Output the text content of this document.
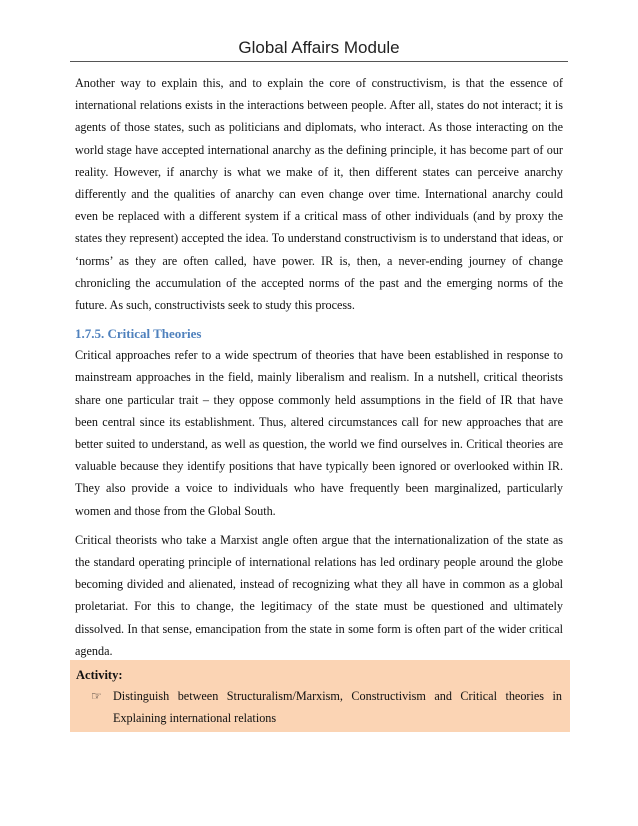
Global Affairs Module

Another way to explain this, and to explain the core of constructivism, is that the essence of international relations exists in the interactions between people. After all, states do not interact; it is agents of those states, such as politicians and diplomats, who interact. As those interacting on the world stage have accepted international anarchy as the defining principle, it has become part of our reality. However, if anarchy is what we make of it, then different states can perceive anarchy differently and the qualities of anarchy can even change over time. International anarchy could even be replaced with a different system if a critical mass of other individuals (and by proxy the states they represent) accepted the idea. To understand constructivism is to understand that ideas, or ‘norms’ as they are often called, have power. IR is, then, a never-ending journey of change chronicling the accumulation of the accepted norms of the past and the emerging norms of the future. As such, constructivists seek to study this process.

1.7.5. Critical Theories

Critical approaches refer to a wide spectrum of theories that have been established in response to mainstream approaches in the field, mainly liberalism and realism. In a nutshell, critical theorists share one particular trait – they oppose commonly held assumptions in the field of IR that have been central since its establishment. Thus, altered circumstances call for new approaches that are better suited to understand, as well as question, the world we find ourselves in. Critical theories are valuable because they identify positions that have typically been ignored or overlooked within IR. They also provide a voice to individuals who have frequently been marginalized, particularly women and those from the Global South.

Critical theorists who take a Marxist angle often argue that the internationalization of the state as the standard operating principle of international relations has led ordinary people around the globe becoming divided and alienated, instead of recognizing what they all have in common as a global proletariat. For this to change, the legitimacy of the state must be questioned and ultimately dissolved. In that sense, emancipation from the state in some form is often part of the wider critical agenda.

Activity:
☞ Distinguish between Structuralism/Marxism, Constructivism and Critical theories in Explaining international relations
